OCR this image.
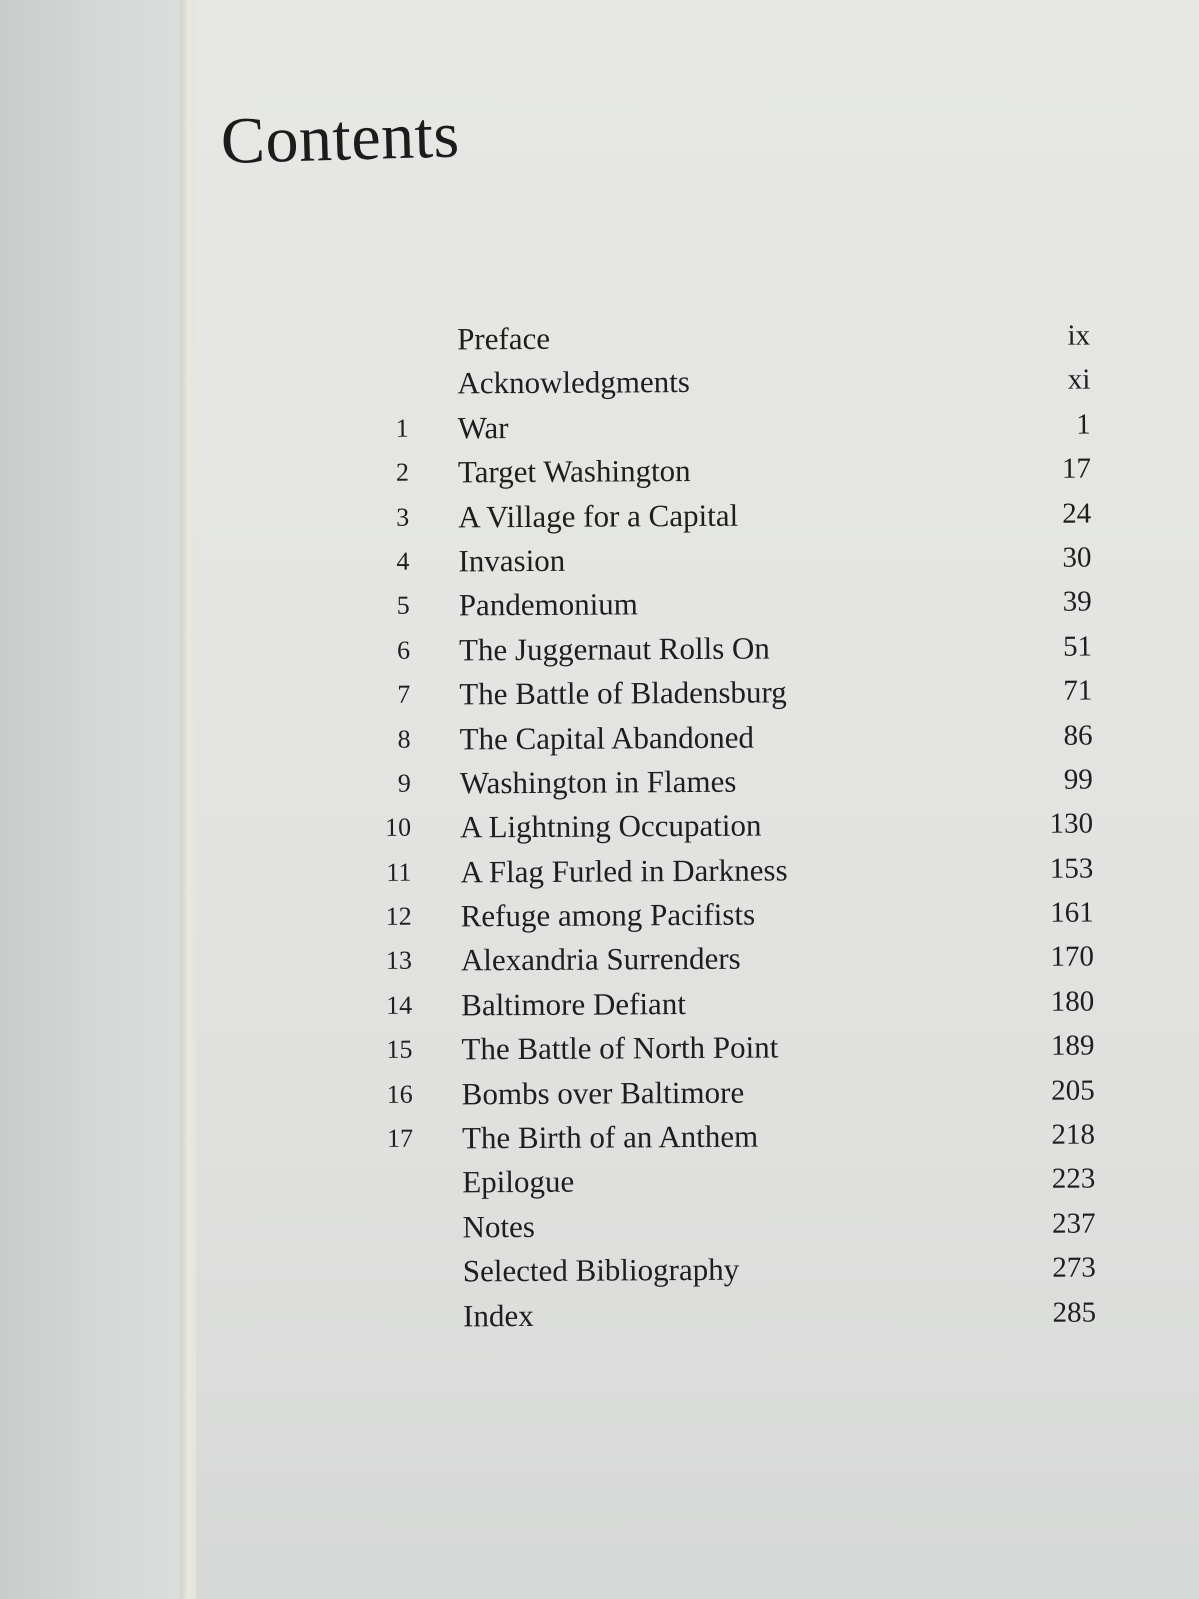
Contents
Preface	ix
Acknowledgments	xi
1 War	1
2 Target Washington	17
3 A Village for a Capital	24
4 Invasion	30
5 Pandemonium	39
6 The Juggernaut Rolls On	51
7 The Battle of Bladensburg	71
8 The Capital Abandoned	86
9 Washington in Flames	99
10 A Lightning Occupation	130
11 A Flag Furled in Darkness	153
12 Refuge among Pacifists	161
13 Alexandria Surrenders	170
14 Baltimore Defiant	180
15 The Battle of North Point	189
16 Bombs over Baltimore	205
17 The Birth of an Anthem	218
Epilogue	223
Notes	237
Selected Bibliography	273
Index	285
